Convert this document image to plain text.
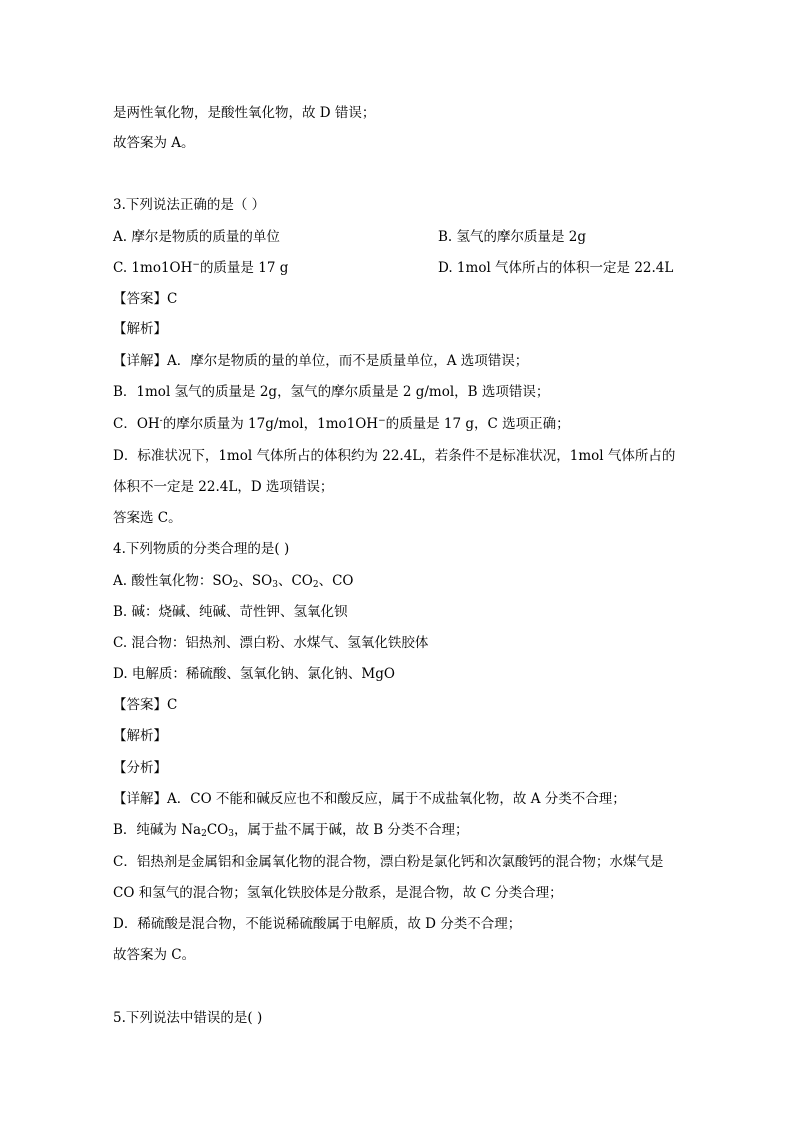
是两性氧化物，是酸性氧化物，故 D 错误；
故答案为 A。
3.下列说法正确的是（ ）
A. 摩尔是物质的质量的单位	B. 氢气的摩尔质量是 2g
C. 1mo1OH−的质量是 17 g	D. 1mol 气体所占的体积一定是 22.4L
【答案】C
【解析】
【详解】A．摩尔是物质的量的单位，而不是质量单位，A 选项错误；
B．1mol 氢气的质量是 2g，氢气的摩尔质量是 2 g/mol，B 选项错误；
C．OH-的摩尔质量为 17g/mol，1mo1OH−的质量是 17 g，C 选项正确；
D．标准状况下，1mol 气体所占的体积约为 22.4L，若条件不是标准状况，1mol 气体所占的
体积不一定是 22.4L，D 选项错误；
答案选 C。
4.下列物质的分类合理的是( )
A. 酸性氧化物：$SO_2$、$SO_3$、$CO_2$、CO
B. 碱：烧碱、纯碱、苛性钾、氢氧化钡
C. 混合物：铝热剂、漂白粉、水煤气、氢氧化铁胶体
D. 电解质：稀硫酸、氢氧化钠、氯化钠、MgO
【答案】C
【解析】
【分析】
【详解】A．CO 不能和碱反应也不和酸反应，属于不成盐氧化物，故 A 分类不合理；
B．纯碱为 $Na_2CO_3$，属于盐不属于碱，故 B 分类不合理；
C．铝热剂是金属铝和金属氧化物的混合物，漂白粉是氯化钙和次氯酸钙的混合物；水煤气是
CO 和氢气的混合物；氢氧化铁胶体是分散系，是混合物，故 C 分类合理；
D．稀硫酸是混合物，不能说稀硫酸属于电解质，故 D 分类不合理；
故答案为 C。
5.下列说法中错误的是( )
